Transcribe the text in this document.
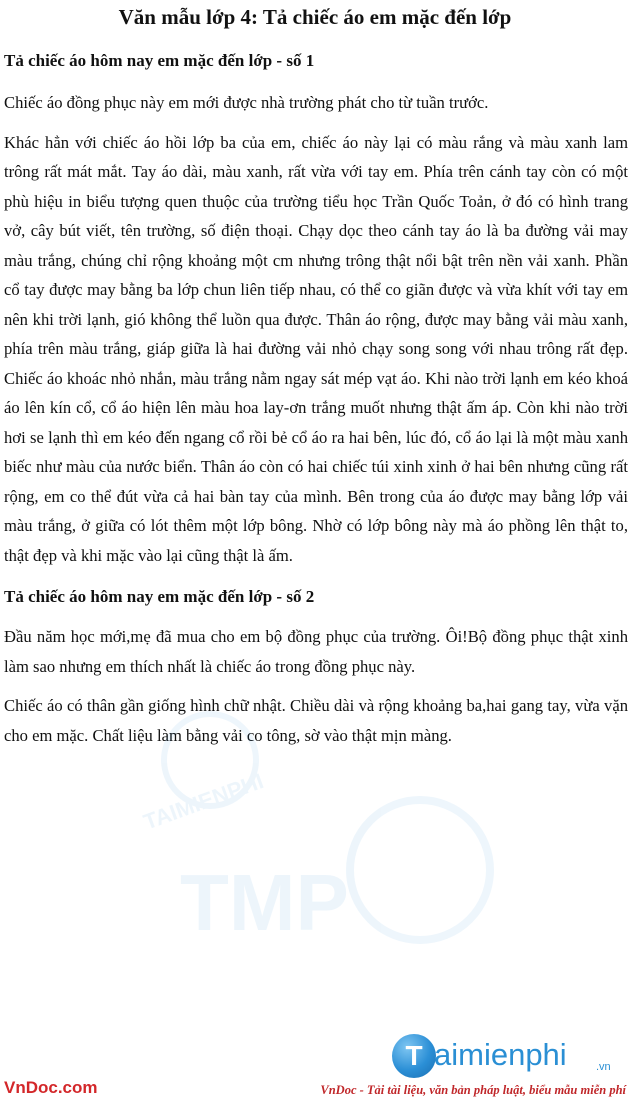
Văn mẫu lớp 4: Tả chiếc áo em mặc đến lớp
Tả chiếc áo hôm nay em mặc đến lớp - số 1

Chiếc áo đồng phục này em mới được nhà trường phát cho từ tuần trước.

Khác hẳn với chiếc áo hồi lớp ba của em, chiếc áo này lại có màu rắng và màu xanh lam trông rất mát mắt. Tay áo dài, màu xanh, rất vừa với tay em. Phía trên cánh tay còn có một phù hiệu in biểu tượng quen thuộc của trường tiểu học Trần Quốc Toản, ở đó có hình trang vở, cây bút viết, tên trường, số điện thoại. Chạy dọc theo cánh tay áo là ba đường vải may màu trắng, chúng chỉ rộng khoảng một cm nhưng trông thật nổi bật trên nền vải xanh. Phần cổ tay được may bằng ba lớp chun liên tiếp nhau, có thể co giãn được và vừa khít với tay em nên khi trời lạnh, gió không thể luồn qua được. Thân áo rộng, được may bằng vải màu xanh, phía trên màu trắng, giáp giữa là hai đường vải nhỏ chạy song song với nhau trông rất đẹp. Chiếc áo khoác nhỏ nhắn, màu trắng nằm ngay sát mép vạt áo. Khi nào trời lạnh em kéo khoá áo lên kín cổ, cổ áo hiện lên màu hoa lay-ơn trắng muốt nhưng thật ấm áp. Còn khi nào trời hơi se lạnh thì em kéo đến ngang cổ rồi bẻ cổ áo ra hai bên, lúc đó, cổ áo lại là một màu xanh biếc như màu của nước biển. Thân áo còn có hai chiếc túi xinh xinh ở hai bên nhưng cũng rất rộng, em co thể đút vừa cả hai bàn tay của mình. Bên trong của áo được may bằng lớp vải màu trắng, ở giữa có lót thêm một lớp bông. Nhờ có lớp bông này mà áo phồng lên thật to, thật đẹp và khi mặc vào lại cũng thật là ấm.

Tả chiếc áo hôm nay em mặc đến lớp - số 2

Đầu năm học mới,mẹ đã mua cho em bộ đồng phục của trường. Ôi!Bộ đồng phục thật xinh làm sao nhưng em thích nhất là chiếc áo trong đồng phục này.

Chiếc áo có thân gần giống hình chữ nhật. Chiều dài và rộng khoảng ba,hai gang tay, vừa vặn cho em mặc. Chất liệu làm bằng vải co tông, sờ vào thật mịn màng.

TMP
TAIMIENPHI
T aimienphi	.vn
VnDoc.com	VnDoc - Tải tài liệu, văn bản pháp luật, biểu mẫu miễn phí
